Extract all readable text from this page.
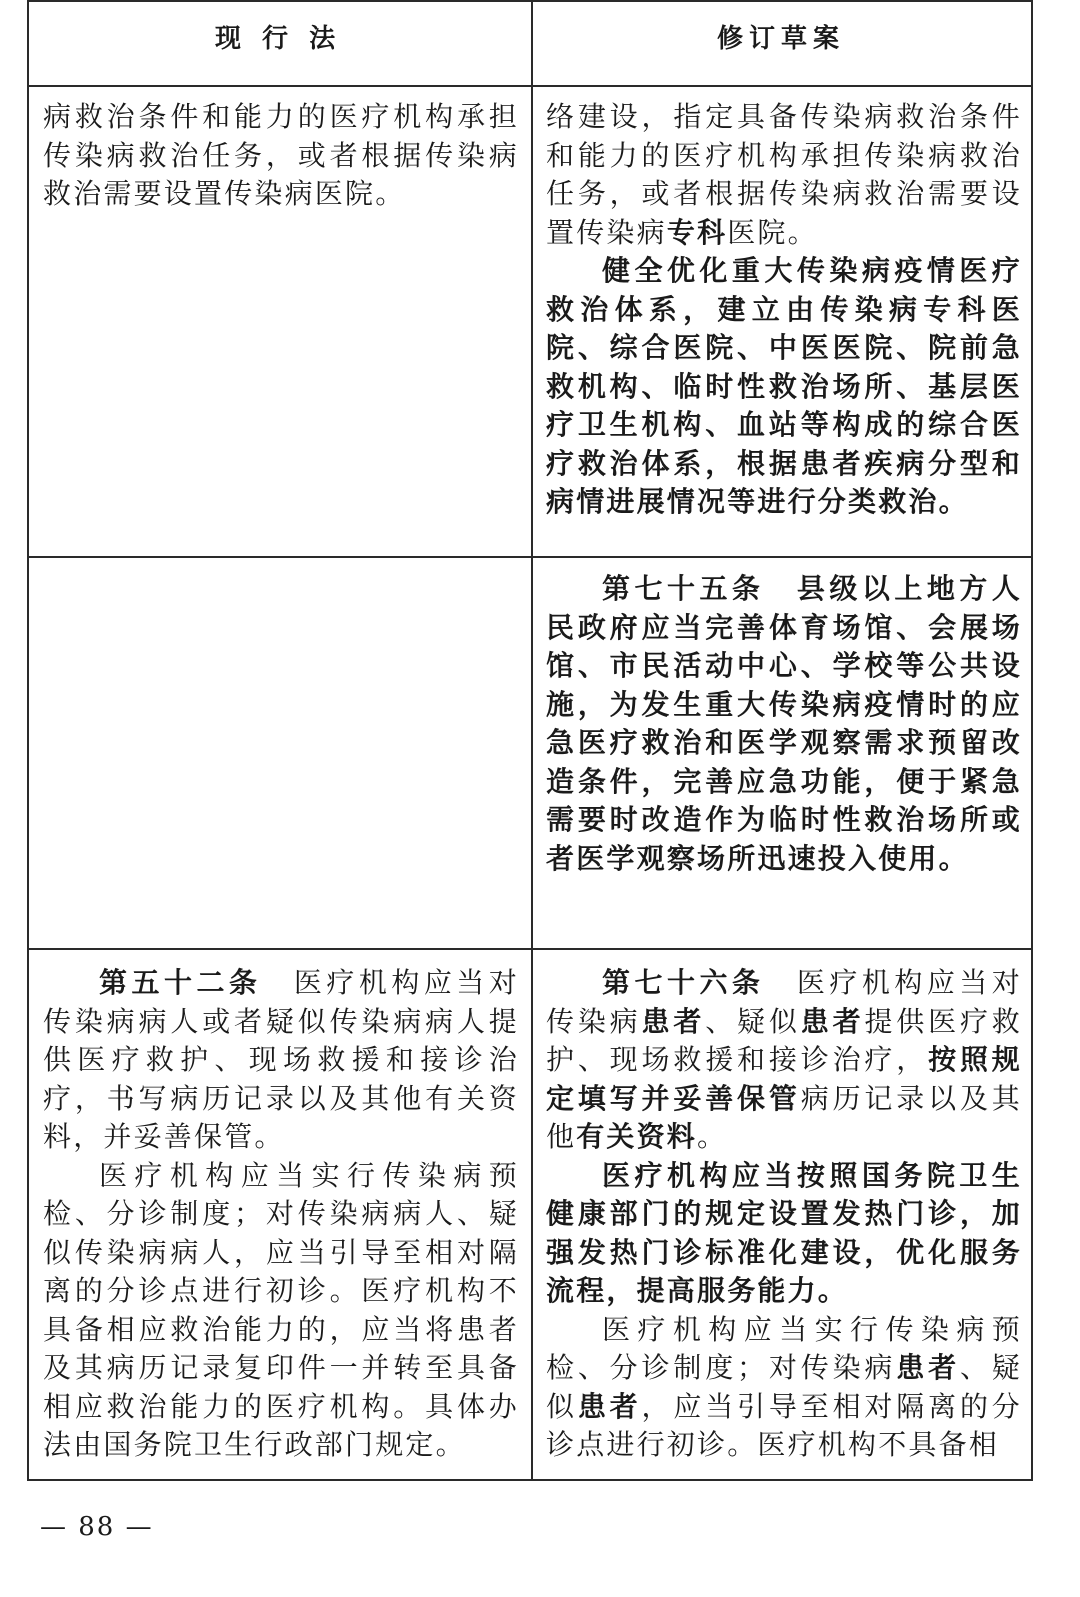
现 行 法	修订草案

病救治条件和能力的医疗机构承担传染病救治任务，或者根据传染病救治需要设置传染病医院。

络建设，指定具备传染病救治条件和能力的医疗机构承担传染病救治任务，或者根据传染病救治需要设置传染病专科医院。

健全优化重大传染病疫情医疗救治体系，建立由传染病专科医院、综合医院、中医医院、院前急救机构、临时性救治场所、基层医疗卫生机构、血站等构成的综合医疗救治体系，根据患者疾病分型和病情进展情况等进行分类救治。

第七十五条　县级以上地方人民政府应当完善体育场馆、会展场馆、市民活动中心、学校等公共设施，为发生重大传染病疫情时的应急医疗救治和医学观察需求预留改造条件，完善应急功能，便于紧急需要时改造作为临时性救治场所或者医学观察场所迅速投入使用。

第五十二条　医疗机构应当对传染病病人或者疑似传染病病人提供医疗救护、现场救援和接诊治疗，书写病历记录以及其他有关资料，并妥善保管。

医疗机构应当实行传染病预检、分诊制度；对传染病病人、疑似传染病病人，应当引导至相对隔离的分诊点进行初诊。医疗机构不具备相应救治能力的，应当将患者及其病历记录复印件一并转至具备相应救治能力的医疗机构。具体办法由国务院卫生行政部门规定。

第七十六条　医疗机构应当对传染病患者、疑似患者提供医疗救护、现场救援和接诊治疗，按照规定填写并妥善保管病历记录以及其他有关资料。

医疗机构应当按照国务院卫生健康部门的规定设置发热门诊，加强发热门诊标准化建设，优化服务流程，提高服务能力。

医疗机构应当实行传染病预检、分诊制度；对传染病患者、疑似患者，应当引导至相对隔离的分诊点进行初诊。医疗机构不具备相

— 88 —
